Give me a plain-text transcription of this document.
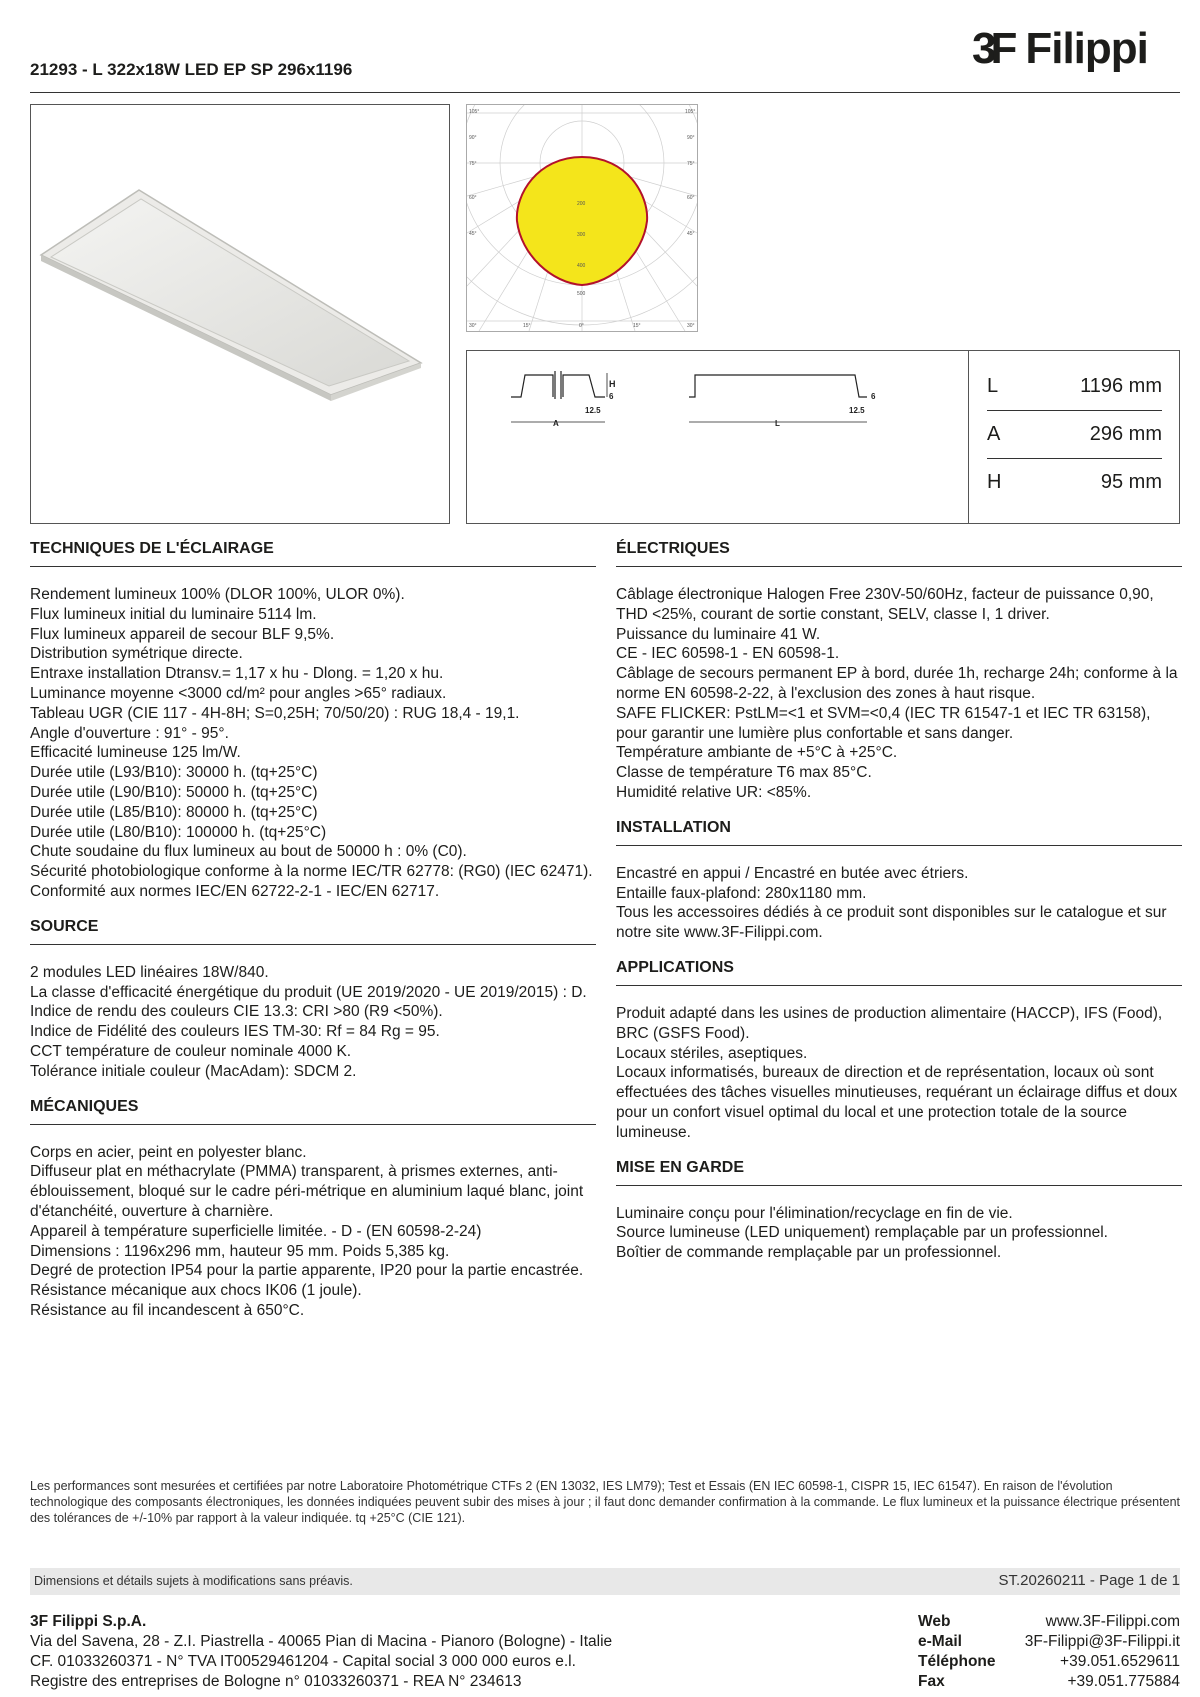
21293 - L 322x18W LED EP SP 296x1196	3F Filippi
105°
90°
75°
60°
45°
105°
90°
75°
60°
45°
30°	15°	0°	15°	30°
200
300
400
500
H
6
12.5
A
6
12.5
L
L	1196 mm
A	296 mm
H	95 mm
TECHNIQUES DE L'ÉCLAIRAGE

Rendement lumineux 100% (DLOR 100%, ULOR 0%).

Flux lumineux initial du luminaire 5114 lm.

Flux lumineux appareil de secour BLF 9,5%.

Distribution symétrique directe.

Entraxe installation Dtransv.= 1,17 x hu - Dlong. = 1,20 x hu.

Luminance moyenne <3000 cd/m² pour angles >65° radiaux.

Tableau UGR (CIE 117 - 4H-8H; S=0,25H; 70/50/20) : RUG 18,4 - 19,1.

Angle d'ouverture : 91° - 95°.

Efficacité lumineuse 125 lm/W.

Durée utile (L93/B10): 30000 h. (tq+25°C)

Durée utile (L90/B10): 50000 h. (tq+25°C)

Durée utile (L85/B10): 80000 h. (tq+25°C)

Durée utile (L80/B10): 100000 h. (tq+25°C)

Chute soudaine du flux lumineux au bout de 50000 h : 0% (C0).

Sécurité photobiologique conforme à la norme IEC/TR 62778: (RG0) (IEC 62471).

Conformité aux normes IEC/EN 62722-2-1 - IEC/EN 62717.

SOURCE

2 modules LED linéaires 18W/840.

La classe d'efficacité énergétique du produit (UE 2019/2020 - UE 2019/2015) : D.

Indice de rendu des couleurs CIE 13.3: CRI >80 (R9 <50%).

Indice de Fidélité des couleurs IES TM-30: Rf = 84 Rg = 95.

CCT température de couleur nominale 4000 K.

Tolérance initiale couleur (MacAdam): SDCM 2.

MÉCANIQUES

Corps en acier, peint en polyester blanc.

Diffuseur plat en méthacrylate (PMMA) transparent, à prismes externes, anti-éblouissement, bloqué sur le cadre péri-métrique en aluminium laqué blanc, joint d'étanchéité, ouverture à charnière.

Appareil à température superficielle limitée. - D - (EN 60598-2-24)

Dimensions : 1196x296 mm, hauteur 95 mm. Poids 5,385 kg.

Degré de protection IP54 pour la partie apparente, IP20 pour la partie encastrée.

Résistance mécanique aux chocs IK06 (1 joule).

Résistance au fil incandescent à 650°C.

ÉLECTRIQUES

Câblage électronique Halogen Free 230V-50/60Hz, facteur de puissance 0,90, THD <25%, courant de sortie constant, SELV, classe I, 1 driver.

Puissance du luminaire 41 W.

CE - IEC 60598-1 - EN 60598-1.

Câblage de secours permanent EP à bord, durée 1h, recharge 24h; conforme à la norme EN 60598-2-22, à l'exclusion des zones à haut risque.

SAFE FLICKER: PstLM=<1 et SVM=<0,4 (IEC TR 61547-1 et IEC TR 63158), pour garantir une lumière plus confortable et sans danger.

Température ambiante de +5°C à +25°C.

Classe de température T6 max 85°C.

Humidité relative UR: <85%.

INSTALLATION

Encastré en appui / Encastré en butée avec étriers.

Entaille faux-plafond: 280x1180 mm.

Tous les accessoires dédiés à ce produit sont disponibles sur le catalogue et sur notre site www.3F-Filippi.com.

APPLICATIONS

Produit adapté dans les usines de production alimentaire (HACCP), IFS (Food), BRC (GSFS Food).

Locaux stériles, aseptiques.

Locaux informatisés, bureaux de direction et de représentation, locaux où sont effectuées des tâches visuelles minutieuses, requérant un éclairage diffus et doux pour un confort visuel optimal du local et une protection totale de la source lumineuse.

MISE EN GARDE

Luminaire conçu pour l'élimination/recyclage en fin de vie.

Source lumineuse (LED uniquement) remplaçable par un professionnel.

Boîtier de commande remplaçable par un professionnel.

Les performances sont mesurées et certifiées par notre Laboratoire Photométrique CTFs 2 (EN 13032, IES LM79); Test et Essais (EN IEC 60598-1, CISPR 15, IEC 61547). En raison de l'évolution technologique des composants électroniques, les données indiquées peuvent subir des mises à jour ; il faut donc demander confirmation à la commande. Le flux lumineux et la puissance électrique présentent des tolérances de +/-10% par rapport à la valeur indiquée. tq +25°C (CIE 121).
Dimensions et détails sujets à modifications sans préavis.	ST.20260211 - Page 1 de 1
3F Filippi S.p.A.
Via del Savena, 28 - Z.I. Piastrella - 40065 Pian di Macina - Pianoro (Bologne) - Italie
CF. 01033260371 - N° TVA IT00529461204 - Capital social 3 000 000 euros e.l.
Registre des entreprises de Bologne n° 01033260371 - REA N° 234613
Web	www.3F-Filippi.com
e-Mail	3F-Filippi@3F-Filippi.it
Téléphone	+39.051.6529611
Fax	+39.051.775884
